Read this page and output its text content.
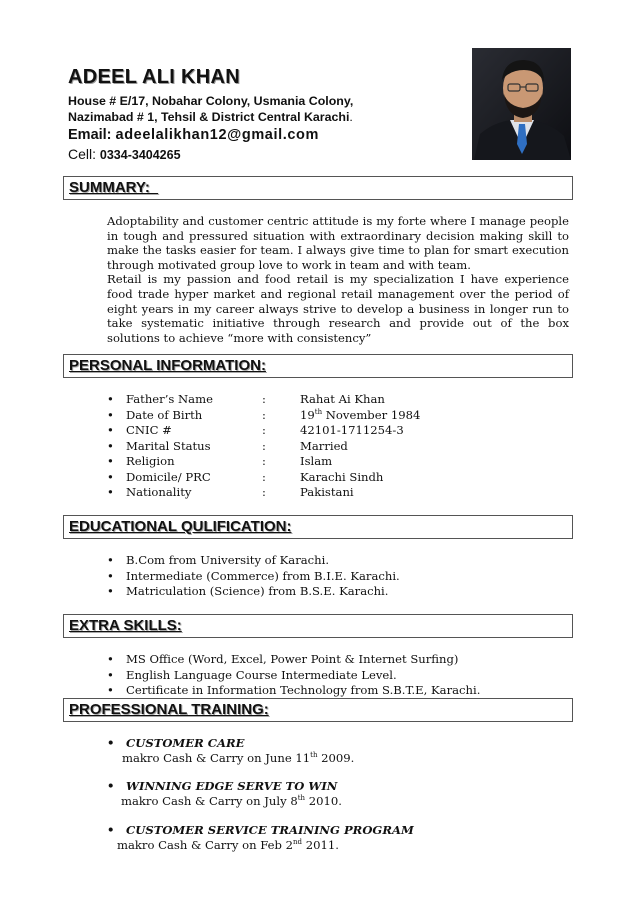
ADEEL ALI KHAN
House # E/17, Nobahar Colony, Usmania Colony,
Nazimabad # 1, Tehsil & District Central Karachi.
Email: adeelalikhan12@gmail.com
Cell: 0334-3404265
SUMMARY:

Adoptability and customer centric attitude is my forte where I manage people in tough and pressured situation with extraordinary decision making skill to make the tasks easier for team. I always give time to plan for smart execution through motivated group love to work in team and with team.

Retail is my passion and food retail is my specialization I have experience food trade hyper market and regional retail management over the period of eight years in my career always strive to develop a business in longer run to take systematic initiative through research and provide out of the box solutions to achieve “more with consistency”

PERSONAL INFORMATION:
• Father’s Name	:	Rahat Ai Khan
• Date of Birth	:	19th November 1984
• CNIC #	:	42101-1711254-3
• Marital Status	:	Married
• Religion	:	Islam
• Domicile/ PRC	:	Karachi Sindh
• Nationality	:	Pakistani
EDUCATIONAL QULIFICATION:
• B.Com from University of Karachi.
• Intermediate (Commerce) from B.I.E. Karachi.
• Matriculation (Science) from B.S.E. Karachi.
EXTRA SKILLS:
• MS Office (Word, Excel, Power Point & Internet Surfing)
• English Language Course Intermediate Level.
• Certificate in Information Technology from S.B.T.E, Karachi.
PROFESSIONAL TRAINING:
• CUSTOMER CARE
makro Cash & Carry on June 11th 2009.
• WINNING EDGE SERVE TO WIN
makro Cash & Carry on July 8th 2010.
• CUSTOMER SERVICE TRAINING PROGRAM
makro Cash & Carry on Feb 2nd 2011.
